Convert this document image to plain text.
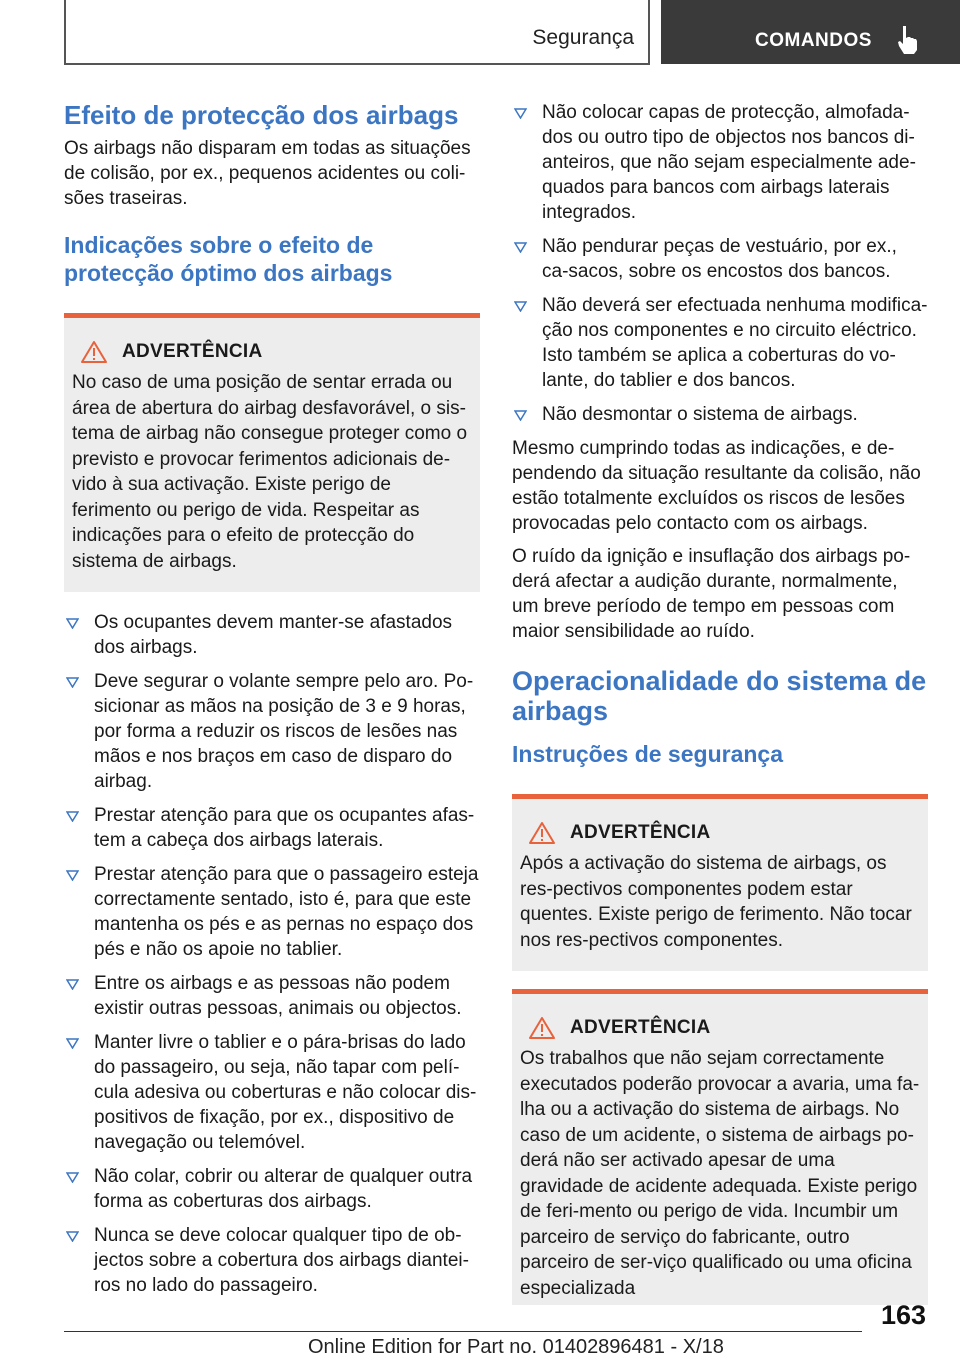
Segurança	COMANDOS
Efeito de protecção dos airbags

Os airbags não disparam em todas as situações de colisão, por ex., pequenos acidentes ou coli-sões traseiras.

Indicações sobre o efeito de protecção óptimo dos airbags
ADVERTÊNCIA

No caso de uma posição de sentar errada ou área de abertura do airbag desfavorável, o sis-tema de airbag não consegue proteger como o previsto e provocar ferimentos adicionais de-vido à sua activação. Existe perigo de ferimento ou perigo de vida. Respeitar as indicações para o efeito de protecção do sistema de airbags.

Os ocupantes devem manter-se afastados dos airbags.
Deve segurar o volante sempre pelo aro. Po-sicionar as mãos na posição de 3 e 9 horas, por forma a reduzir os riscos de lesões nas mãos e nos braços em caso de disparo do airbag.
Prestar atenção para que os ocupantes afas-tem a cabeça dos airbags laterais.
Prestar atenção para que o passageiro esteja correctamente sentado, isto é, para que este mantenha os pés e as pernas no espaço dos pés e não os apoie no tablier.
Entre os airbags e as pessoas não podem existir outras pessoas, animais ou objectos.
Manter livre o tablier e o pára-brisas do lado do passageiro, ou seja, não tapar com pelí-cula adesiva ou coberturas e não colocar dis-positivos de fixação, por ex., dispositivo de navegação ou telemóvel.
Não colar, cobrir ou alterar de qualquer outra forma as coberturas dos airbags.
Nunca se deve colocar qualquer tipo de ob-jectos sobre a cobertura dos airbags diantei-ros no lado do passageiro.
Não colocar capas de protecção, almofada-dos ou outro tipo de objectos nos bancos di-anteiros, que não sejam especialmente ade-quados para bancos com airbags laterais integrados.
Não pendurar peças de vestuário, por ex., ca-sacos, sobre os encostos dos bancos.
Não deverá ser efectuada nenhuma modifica-ção nos componentes e no circuito eléctrico. Isto também se aplica a coberturas do vo-lante, do tablier e dos bancos.
Não desmontar o sistema de airbags.

Mesmo cumprindo todas as indicações, e de-pendendo da situação resultante da colisão, não estão totalmente excluídos os riscos de lesões provocadas pelo contacto com os airbags.

O ruído da ignição e insuflação dos airbags po-derá afectar a audição durante, normalmente, um breve período de tempo em pessoas com maior sensibilidade ao ruído.

Operacionalidade do sistema de airbags
Instruções de segurança
ADVERTÊNCIA

Após a activação do sistema de airbags, os res-pectivos componentes podem estar quentes. Existe perigo de ferimento. Não tocar nos res-pectivos componentes.

ADVERTÊNCIA

Os trabalhos que não sejam correctamente executados poderão provocar a avaria, uma fa-lha ou a activação do sistema de airbags. No caso de um acidente, o sistema de airbags po-derá não ser activado apesar de uma gravidade de acidente adequada. Existe perigo de feri-mento ou perigo de vida. Incumbir um parceiro de serviço do fabricante, outro parceiro de ser-viço qualificado ou uma oficina especializada

163
Online Edition for Part no. 01402896481 - X/18
